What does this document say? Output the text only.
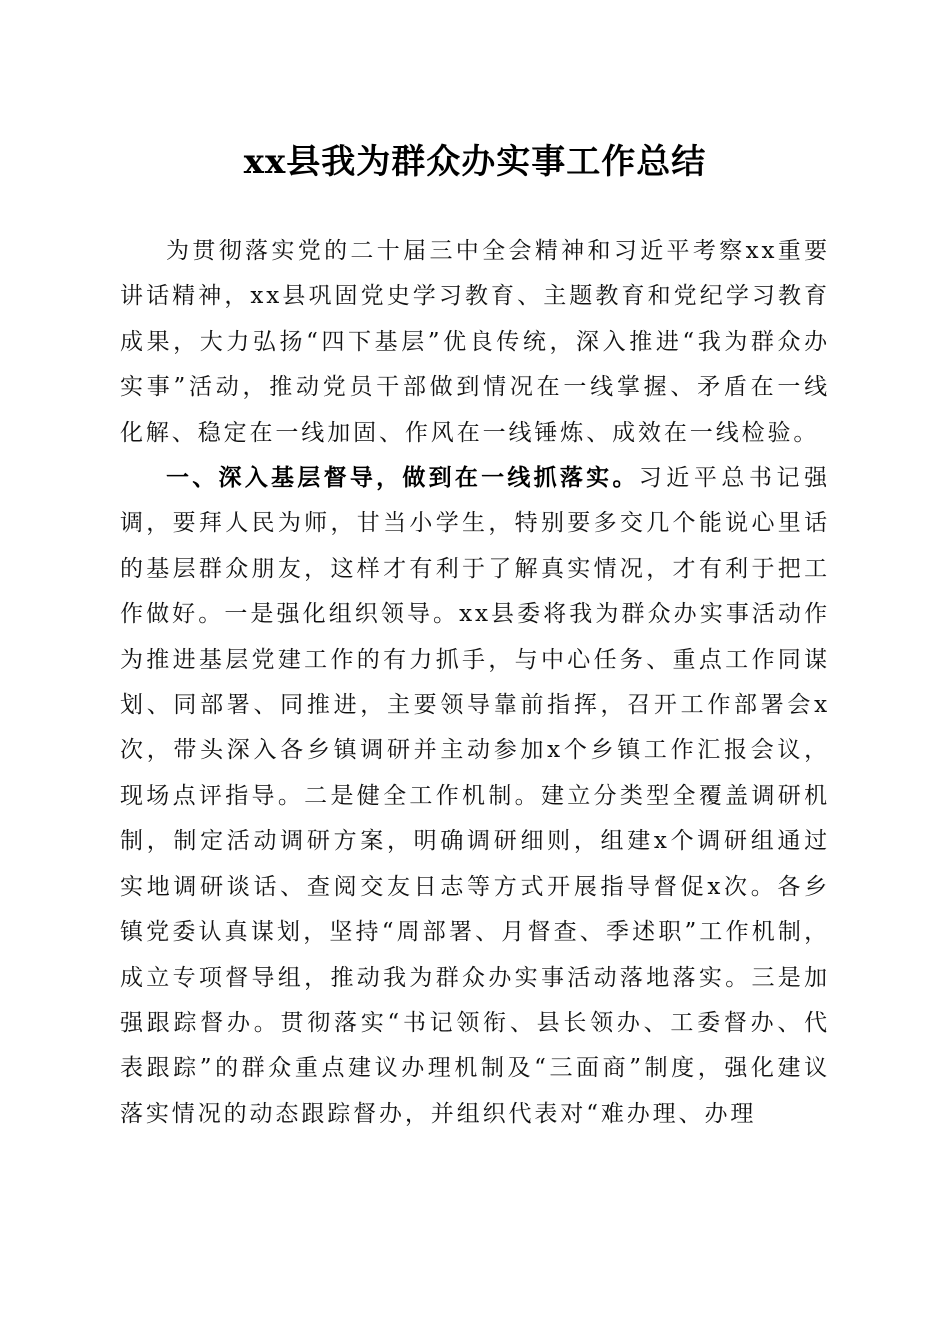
xx县我为群众办实事工作总结

为贯彻落实党的二十届三中全会精神和习近平考察xx重要讲话精神，xx县巩固党史学习教育、主题教育和党纪学习教育成果，大力弘扬“四下基层”优良传统，深入推进“我为群众办实事”活动，推动党员干部做到情况在一线掌握、矛盾在一线化解、稳定在一线加固、作风在一线锤炼、成效在一线检验。

一、深入基层督导，做到在一线抓落实。习近平总书记强调，要拜人民为师，甘当小学生，特别要多交几个能说心里话的基层群众朋友，这样才有利于了解真实情况，才有利于把工作做好。一是强化组织领导。xx县委将我为群众办实事活动作为推进基层党建工作的有力抓手，与中心任务、重点工作同谋划、同部署、同推进，主要领导靠前指挥，召开工作部署会x次，带头深入各乡镇调研并主动参加x个乡镇工作汇报会议，现场点评指导。二是健全工作机制。建立分类型全覆盖调研机制，制定活动调研方案，明确调研细则，组建x个调研组通过实地调研谈话、查阅交友日志等方式开展指导督促x次。各乡镇党委认真谋划，坚持“周部署、月督查、季述职”工作机制，成立专项督导组，推动我为群众办实事活动落地落实。三是加强跟踪督办。贯彻落实“书记领衔、县长领办、工委督办、代表跟踪”的群众重点建议办理机制及“三面商”制度，强化建议落实情况的动态跟踪督办，并组织代表对“难办理、办理
